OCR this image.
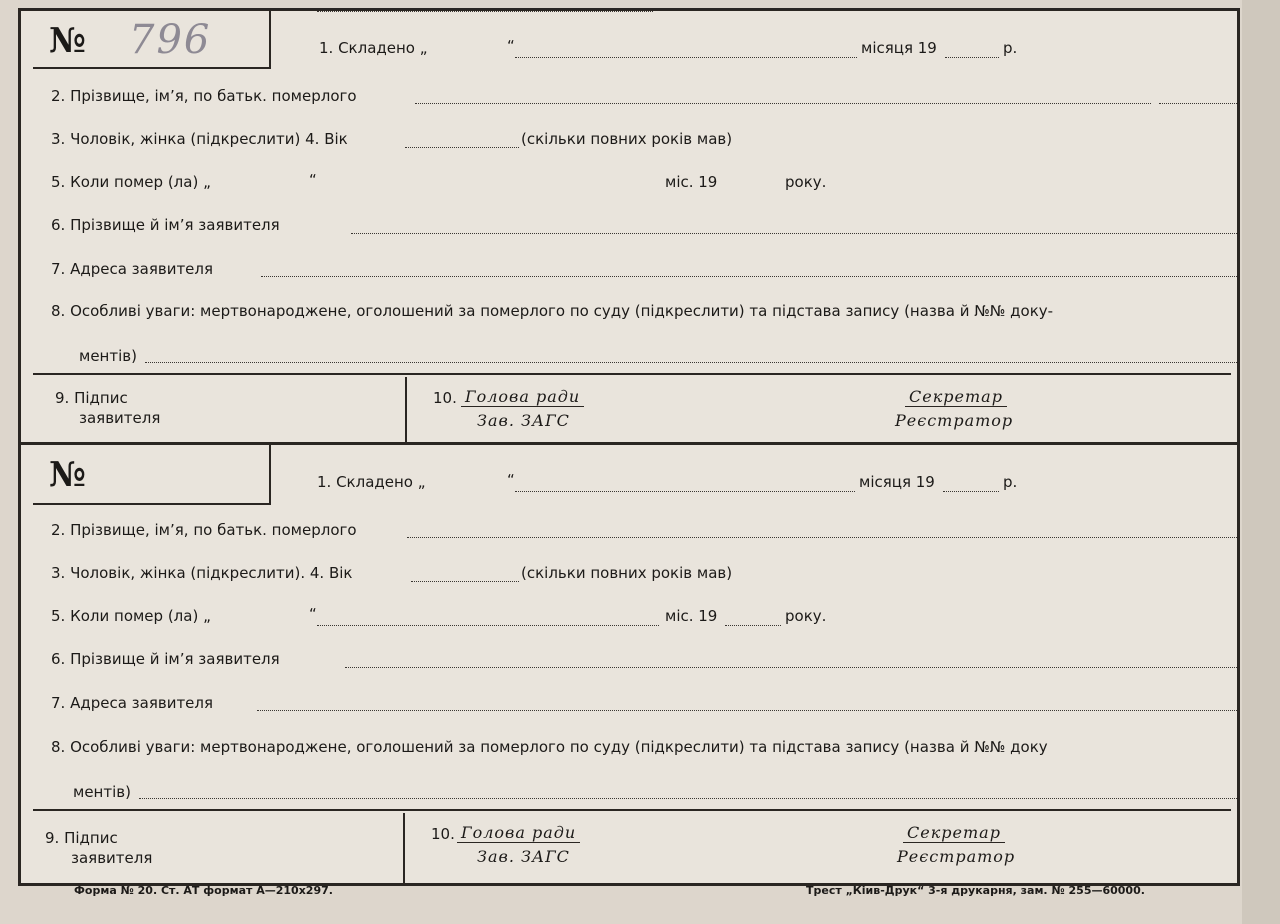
№ 796	1. Складено „	“	місяця 19	р.
2. Прізвище, ім’я, по батьк. померлого
3. Чоловік, жінка (підкреслити) 4. Вік	(скільки повних років мав)
5. Коли помер (ла) „	“	міс. 19	року.
6. Прізвище й ім’я заявителя
7. Адреса заявителя
8. Особливі уваги: мертвонароджене, оголошений за померлого по суду (підкреслити) та підстава запису (назва й №№ доку-
ментів)
9. Підпис
заявителя
10. Голова ради
Зав. ЗАГС
Секретар
Реєстратор
№	1. Складено „	“	місяця 19	р.
2. Прізвище, ім’я, по батьк. померлого
3. Чоловік, жінка (підкреслити). 4. Вік	(скільки повних років мав)
5. Коли помер (ла) „	“	міс. 19	року.
6. Прізвище й ім’я заявителя
7. Адреса заявителя
8. Особливі уваги: мертвонароджене, оголошений за померлого по суду (підкреслити) та підстава запису (назва й №№ доку
ментів)
9. Підпис
заявителя
10. Голова ради
Зав. ЗАГС
Секретар
Реєстратор
Форма № 20. Ст. АТ формат А—210х297.	Трест „Кіив-Друк“ 3-я друкарня, зам. № 255—60000.
